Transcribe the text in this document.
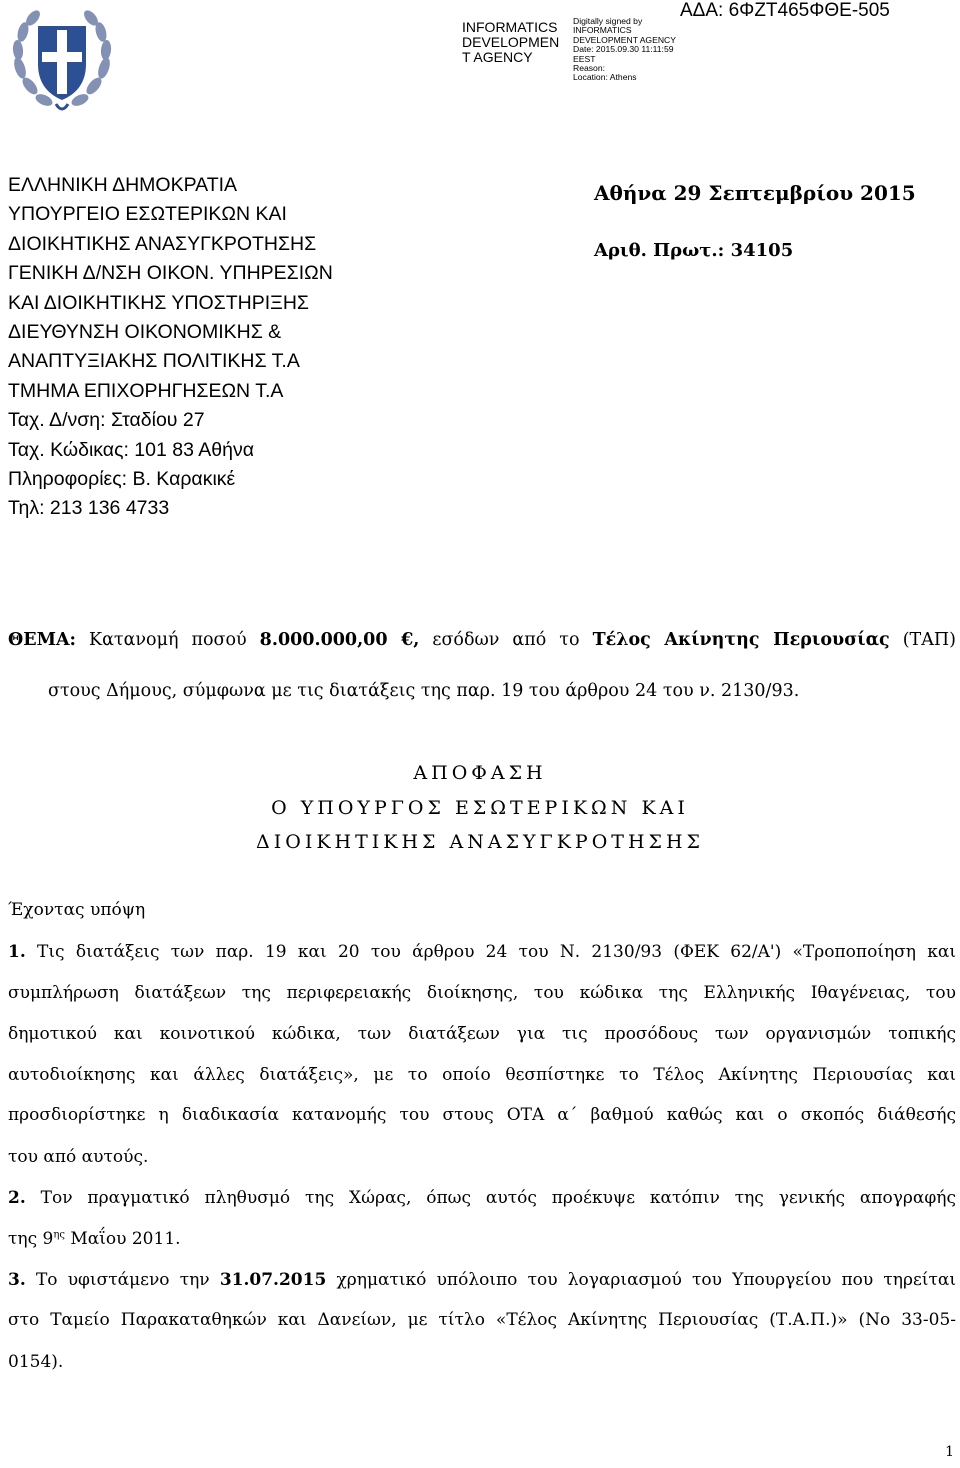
INFORMATICS
DEVELOPMEN
T AGENCY
Digitally signed by
INFORMATICS
DEVELOPMENT AGENCY
Date: 2015.09.30 11:11:59
EEST
Reason:
Location: Athens
ΑΔΑ: 6ΦΖΤ465ΦΘΕ-505
ΕΛΛΗΝΙΚΗ ΔΗΜΟΚΡΑΤΙΑ
ΥΠΟΥΡΓΕΙΟ ΕΣΩΤΕΡΙΚΩΝ ΚΑΙ
ΔΙΟΙΚΗΤΙΚΗΣ ΑΝΑΣΥΓΚΡΟΤΗΣΗΣ
ΓΕΝΙΚΗ Δ/ΝΣΗ ΟΙΚΟΝ. ΥΠΗΡΕΣΙΩΝ
ΚΑΙ ΔΙΟΙΚΗΤΙΚΗΣ ΥΠΟΣΤΗΡΙΞΗΣ
ΔΙΕΥΘΥΝΣΗ ΟΙΚΟΝΟΜΙΚΗΣ &
ΑΝΑΠΤΥΞΙΑΚΗΣ ΠΟΛΙΤΙΚΗΣ Τ.Α
ΤΜΗΜΑ ΕΠΙΧΟΡΗΓΗΣΕΩΝ Τ.Α
Ταχ. Δ/νση: Σταδίου 27
Ταχ. Κώδικας: 101 83 Αθήνα
Πληροφορίες: Β. Καρακικέ
Τηλ: 213 136 4733
Αθήνα 29 Σεπτεμβρίου 2015
Αριθ. Πρωτ.: 34105
ΘΕΜΑ: Κατανομή ποσού 8.000.000,00 €, εσόδων από το Τέλος Ακίνητης Περιουσίας (ΤΑΠ)
στους Δήμους, σύμφωνα με τις διατάξεις της παρ. 19 του άρθρου 24 του ν. 2130/93.
ΑΠΟΦΑΣΗ
Ο ΥΠΟΥΡΓΟΣ ΕΣΩΤΕΡΙΚΩΝ ΚΑΙ
ΔΙΟΙΚΗΤΙΚΗΣ ΑΝΑΣΥΓΚΡΟΤΗΣΗΣ
Έχοντας υπόψη
1. Τις διατάξεις των παρ. 19 και 20 του άρθρου 24 του Ν. 2130/93 (ΦΕΚ 62/Α') «Τροποποίηση και
συμπλήρωση διατάξεων της περιφερειακής διοίκησης, του κώδικα της Ελληνικής Ιθαγένειας, του
δημοτικού και κοινοτικού κώδικα, των διατάξεων για τις προσόδους των οργανισμών τοπικής
αυτοδιοίκησης και άλλες διατάξεις», με το οποίο θεσπίστηκε το Τέλος Ακίνητης Περιουσίας και
προσδιορίστηκε η διαδικασία κατανομής του στους ΟΤΑ α΄ βαθμού καθώς και ο σκοπός διάθεσής
του από αυτούς.
2. Τον πραγματικό πληθυσμό της Χώρας, όπως αυτός προέκυψε κατόπιν της γενικής απογραφής
της $9^{\eta\varsigma}$ Μαΐου 2011.
3. Το υφιστάμενο την 31.07.2015 χρηματικό υπόλοιπο του λογαριασμού του Υπουργείου που τηρείται
στο Ταμείο Παρακαταθηκών και Δανείων, με τίτλο «Τέλος Ακίνητης Περιουσίας (Τ.Α.Π.)» (Νο 33-05-
0154).
1
